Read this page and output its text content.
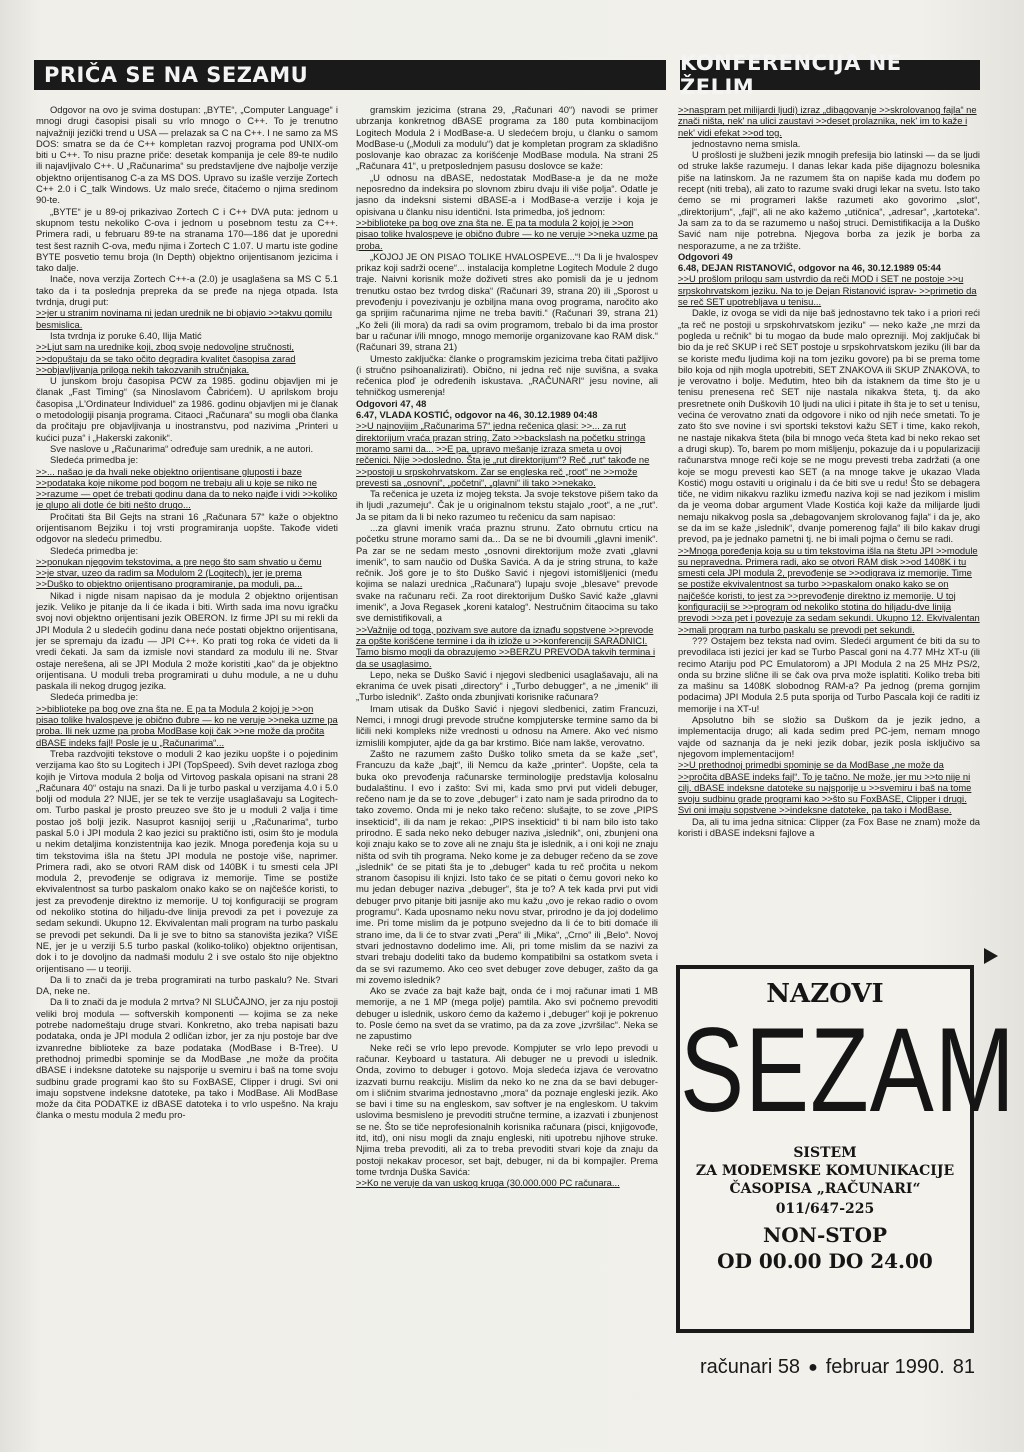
PRIČA SE NA SEZAMU	KONFERENCIJA NE ŽELIM

Odgovor na ovo je svima dostupan: „BYTE“, „Computer Language“ i mnogi drugi časopisi pisali su vrlo mnogo o C++. To je trenutno najvažniji jezički trend u USA — prelazak sa C na C++. I ne samo za MS DOS: smatra se da će C++ kompletan razvoj programa pod UNIX-om biti u C++. To nisu prazne priče: desetak kompanija je cele 89-te nudilo ili najavljivalo C++. U „Računarima“ su predstavljene dve najbolje verzije objektno orijentisanog C-a za MS DOS. Upravo su izašle verzije Zortech C++ 2.0 i C_talk Windows. Uz malo sreće, čitaćemo o njima sredinom 90-te.

„BYTE“ je u 89-oj prikazivao Zortech C i C++ DVA puta: jednom u skupnom testu nekoliko C-ova i jednom u posebnom testu za C++. Primera radi, u februaru 89-te na stranama 170—186 dat je uporedni test šest raznih C-ova, među njima i Zortech C 1.07. U martu iste godine BYTE posvetio temu broja (In Depth) objektno orijentisanom jezicima i tako dalje.

Inače, nova verzija Zortech C++-a (2.0) je usaglašena sa MS C 5.1 tako da i ta poslednja prepreka da se pređe na njega otpada. Ista tvrdnja, drugi put:

>>jer u stranim novinama ni jedan urednik ne bi objavio >>takvu gomilu besmislica.

Ista tvrdnja iz poruke 6.40, Ilija Matić

>>Ljut sam na urednike koji, zbog svoje nedovoljne stručnosti, >>dopuštaju da se tako očito degradira kvalitet časopisa zarad >>objavljivanja priloga nekih takozvanih stručnjaka.

U junskom broju časopisa PCW za 1985. godinu objavljen mi je članak „Fast Timing“ (sa Ninoslavom Čabrićem). U aprilskom broju časopisa „L'Ordinateur Individuel“ za 1986. godinu objavljen mi je članak o metodologiji pisanja programa. Citaoci „Računara“ su mogli oba članka da pročitaju pre objavljivanja u inostranstvu, pod nazivima „Printeri u kućici puza“ i „Hakerski zakonik“.

Sve naslove u „Računarima“ određuje sam urednik, a ne autori.

Sledeća primedba je:

>>... našao je da hvali neke objektno orijentisane gluposti i baze >>podataka koje nikome pod bogom ne trebaju ali u koje se niko ne >>razume — opet će trebati godinu dana da to neko najđe i vidi >>koliko je glupo ali dotle će biti nešto drugo...

Pročitati šta Bil Gejts na strani 16 „Računara 57“ kaže o objektno orijentisanom Bejziku i toj vrsti programiranja uopšte. Takođe videti odgovor na sledeću primedbu.

Sledeća primedba je:

>>ponukan njegovim tekstovima, a pre nego što sam shvatio u čemu >>je stvar, uzeo da radim sa Modulom 2 (Logitech), jer je prema >>Duško to objektno orijentisano programiranje, pa moduli, pa...

Nikad i nigde nisam napisao da je modula 2 objektno orijentisan jezik. Veliko je pitanje da li će ikada i biti. Wirth sada ima novu igračku svoj novi objektno orijentisani jezik OBERON. Iz firme JPI su mi rekli da JPI Modula 2 u sledećih godinu dana neće postati objektno orijentisana, jer se spremaju da izađu — JPI C++. Ko prati tog roka će videti da li vredi čekati. Ja sam da izmisle novi standard za modulu ili ne. Stvar ostaje nerešena, ali se JPI Modula 2 može koristiti „kao“ da je objektno orijentisana. U moduli treba programirati u duhu module, a ne u duhu paskala ili nekog drugog jezika.

Sledeća primedba je:

>>biblioteke pa bog ove zna šta ne. E pa ta Modula 2 kojoj je >>on pisao tolike hvalospeve je obično đubre — ko ne veruje >>neka uzme pa proba. Ili nek uzme pa proba ModBase koji čak >>ne može da pročita dBASE indeks fajl! Posle je u „Računarima“...

Treba razdvojiti tekstove o moduli 2 kao jeziku uopšte i o pojedinim verzijama kao što su Logitech i JPI (TopSpeed). Svih devet razloga zbog kojih je Virtova modula 2 bolja od Virtovog paskala opisani na strani 28 „Računara 40“ ostaju na snazi. Da li je turbo paskal u verzijama 4.0 i 5.0 bolji od modula 2? NIJE, jer se tek te verzije usaglašavaju sa Logitech-om. Turbo paskal je prosto preuzeo sve što je u moduli 2 valja i time postao još bolji jezik. Nasuprot kasnijoj seriji u „Računarima“, turbo paskal 5.0 i JPI modula 2 kao jezici su praktično isti, osim što je modula u nekim detaljima konzistentnija kao jezik. Mnoga poređenja koja su u tim tekstovima išla na štetu JPI modula ne postoje više, naprimer. Primera radi, ako se otvori RAM disk od 140BK i tu smesti cela JPI modula 2, prevođenje se odigrava iz memorije. Time se postiže ekvivalentnost sa turbo paskalom onako kako se on najčešće koristi, to jest za prevođenje direktno iz memorije. U toj konfiguraciji se program od nekoliko stotina do hiljadu-dve linija prevodi za pet i povezuje za sedam sekundi. Ukupno 12. Ekvivalentan mali program na turbo paskalu se prevodi pet sekundi. Da li je sve to bitno sa stanovišta jezika? VIŠE NE, jer je u verziji 5.5 turbo paskal (koliko-toliko) objektno orijentisan, dok i to je dovoljno da nadmaši modulu 2 i sve ostalo što nije objektno orijentisano — u teoriji.

Da li to znači da je treba programirati na turbo paskalu? Ne. Stvari DA, neke ne.

Da li to znači da je modula 2 mrtva? NI SLUČAJNO, jer za nju postoji veliki broj modula — softverskih komponenti — kojima se za neke potrebe nadomeštaju druge stvari. Konkretno, ako treba napisati bazu podataka, onda je JPI modula 2 odličan izbor, jer za nju postoje bar dve izvanredne biblioteke za baze podataka (ModBase i B-Tree). U prethodnoj primedbi spominje se da ModBase „ne može da pročita dBASE i indeksne datoteke su najsporije u svemiru i baš na tome svoju sudbinu grade programi kao što su FoxBASE, Clipper i drugi. Svi oni imaju sopstvene indeksne datoteke, pa tako i ModBase. Ali ModBase može da čita PODATKE iz dBASE datoteka i to vrlo uspešno. Na kraju članka o mestu modula 2 među pro-

gramskim jezicima (strana 29, „Računari 40“) navodi se primer ubrzanja konkretnog dBASE programa za 180 puta kombinacijom Logitech Modula 2 i ModBase-a. U sledećem broju, u članku o samom ModBase-u („Moduli za modulu“) dat je kompletan program za skladišno poslovanje kao obrazac za korišćenje ModBase modula. Na strani 25 „Računara 41“, u pretposlednjem pasusu doslovce se kaže:

„U odnosu na dBASE, nedostatak ModBase-a je da ne može neposredno da indeksira po slovnom zbiru dvaju ili više polja“. Odatle je jasno da indeksni sistemi dBASE-a i ModBase-a verzije i koja je opisivana u članku nisu identični. Ista primedba, još jednom:

>>biblioteke pa bog ove zna šta ne. E pa ta modula 2 kojoj je >>on pisao tolike hvalospeve je obično đubre — ko ne veruje >>neka uzme pa proba.

„KOJOJ JE ON PISAO TOLIKE HVALOSPEVE...“! Da li je hvalospev prikaz koji sadrži ocene“... instalacija kompletne Logitech Module 2 dugo traje. Naivni korisnik može doživeti stres ako pomisli da je u jednom trenutku ostao bez tvrdog diska“ (Računari 39, strana 20) ili „Sporost u prevođenju i povezivanju je ozbiljna mana ovog programa, naročito ako ga sprijim računarima njime ne treba baviti.“ (Računari 39, strana 21) „Ko želi (ili mora) da radi sa ovim programom, trebalo bi da ima prostor bar u računar i/ili mnogo, mnogo memorije organizovane kao RAM disk.“ (Računari 39, strana 21)

Umesto zaključka: članke o programskim jezicima treba čitati pažljivo (i stručno psihoanalizirati). Obično, ni jedna reč nije suvišna, a svaka rečenica ploď je određenih iskustava. „RAČUNARI“ jesu novine, ali tehničkog usmerenja!

Odgovori 47, 48

6.47, VLADA KOSTIĆ, odgovor na 46, 30.12.1989 04:48

>>U najnovijim „Računarima 57“ jedna rečenica glasi: >>... za rut direktorijum vraća prazan string. Zato >>backslash na početku stringa moramo sami da... >>E pa, upravo mešanje izraza smeta u ovoj rečenici. Nije >>dosledno. Šta je „rut direktorijum“? Reč „rut“ takođe ne >>postoji u srpskohrvatskom. Zar se engleska reč „root“ ne >>može prevesti sa „osnovni“, „početni“, „glavni“ ili tako >>nekako.

Ta rečenica je uzeta iz mojeg teksta. Ja svoje tekstove pišem tako da ih ljudi „razumeju“. Čak je u originalnom tekstu stajalo „root“, a ne „rut“. Ja se pitam da li bi neko razumeo tu rečenicu da sam napisao:

...za glavni imenik vraća praznu strunu. Zato obrnutu crticu na početku strune moramo sami da... Da se ne bi dvoumili „glavni imenik“. Pa zar se ne sedam mesto „osnovni direktorijum može zvati „glavni imenik“, to sam naučio od Duška Savića. A da je string struna, to kaže rečnik. Još gore je to što Duško Savić i njegovi istomišljenici (među kojima se nalazi urednica „Računara“) lupaju svoje „blesave“ prevode svake na računaru reči. Za root direktorijum Duško Savić kaže „glavni imenik“, a Jova Regasek „koreni katalog“. Nestručnim čitaocima su tako sve demistifikovali, a

>>Važnije od toga, pozivam sve autore da iznađu sopstvene >>prevode za opšte korišćene termine i da ih izlože u >>konferenciji SARADNICI. Tamo bismo mogli da obrazujemo >>BERZU PREVODA takvih termina i da se usaglasimo.

Lepo, neka se Duško Savić i njegovi sledbenici usaglašavaju, ali na ekranima će uvek pisati „directory“ i „Turbo debugger“, a ne „imenik“ ili „Turbo islednik“. Zašto onda zbunjivati korisnike računara?

Imam utisak da Duško Savić i njegovi sledbenici, zatim Francuzi, Nemci, i mnogi drugi prevode stručne kompjuterske termine samo da bi ličili neki kompleks niže vrednosti u odnosu na Amere. Ako već nismo izmislili kompjuter, ajde da ga bar krstimo. Biće nam lakše, verovatno.

Zašto ne razumem zašto Duško toliko smeta da se kaže „set“, Francuzu da kaže „bajt“, ili Nemcu da kaže „printer“. Uopšte, cela ta buka oko prevođenja računarske terminologije predstavlja kolosalnu budalaštinu. I evo i zašto: Svi mi, kada smo prvi put videli debuger, rečeno nam je da se to zove „debuger“ i zato nam je sada prirodno da to tako zovemo. Onda mi je neko tako rečeno: slušajte, to se zove „PIPS insekticid“, ili da nam je rekao: „PIPS insekticid“ ti bi nam bilo isto tako prirodno. E sada neko neko debuger naziva „islednik“, oni, zbunjeni ona koji znaju kako se to zove ali ne znaju šta je islednik, a i oni koji ne znaju ništa od svih tih programa. Neko kome je za debuger rečeno da se zove „islednik“ će se pitati šta je to „debuger“ kada tu reč pročita u nekom stranom časopisu ili knjizi. Isto tako će se pitati o čemu govori neko ko mu jedan debuger naziva „debuger“, šta je to? A tek kada prvi put vidi debuger prvo pitanje biti jasnije ako mu kažu „ovo je rekao radio o ovom programu“. Kada uposnamo neku novu stvar, prirodno je da joj dodelimo ime. Pri tome mislim da je potpuno svejedno da li će to biti domaće ili strano ime, da li će to stvar zvati „Pera“ ili „Mika“, „Crno“ ili „Belo“. Novoj stvari jednostavno dodelimo ime. Ali, pri tome mislim da se nazivi za stvari trebaju dodeliti tako da budemo kompatibilni sa ostatkom sveta i da se svi razumemo. Ako ceo svet debuger zove debuger, zašto da ga mi zovemo islednik?

Ako se zvaće za bajt kaže bajt, onda će i moj računar imati 1 MB memorije, a ne 1 MP (mega polje) pamtila. Ako svi počnemo prevoditi debuger u islednik, uskoro ćemo da kažemo i „debuger“ koji je pokrenuo to. Posle ćemo na svet da se vratimo, pa da za zove „izvršilac“. Neka se ne zapustimo

Neke reči se vrlo lepo prevode. Kompjuter se vrlo lepo prevodi u računar. Keyboard u tastatura. Ali debuger ne u prevodi u islednik. Onda, zovimo to debuger i gotovo. Moja sledeća izjava će verovatno izazvati burnu reakciju. Mislim da neko ko ne zna da se bavi debuger-om i sličnim stvarima jednostavno „mora“ da poznaje engleski jezik. Ako se bavi i time su na engleskom, sav softver je na engleskom. U takvim uslovima besmisleno je prevoditi stručne termine, a izazvati i zbunjenost se ne. Što se tiče neprofesionalnih korisnika računara (pisci, knjigovođe, itd, itd), oni nisu mogli da znaju engleski, niti upotrebu njihove struke. Njima treba prevoditi, ali za to treba prevoditi stvari koje da znaju da postoji nekakav procesor, set bajt, debuger, ni da bi kompajler. Prema tome tvrdnja Duška Savića:

>>Ko ne veruje da van uskog kruga (30.000.000 PC računara...

>>naspram pet milijardi ljudi) izraz „dibagovanje >>skrolovanog fajla“ ne znači ništa, nek' na ulici zaustavi >>deset prolaznika, nek' im to kaže i nek' vidi efekat >>od tog.

jednostavno nema smisla.

U prošlosti je službeni jezik mnogih prefesija bio latinski — da se ljudi od struke lakše razumeju. I danas lekar kada piše dijagnozu bolesnika piše na latinskom. Ja ne razumem šta on napiše kada mu dođem po recept (niti treba), ali zato to razume svaki drugi lekar na svetu. Isto tako ćemo se mi programeri lakše razumeti ako govorimo „slot“, „direktorijum“, „fajl“, ali ne ako kažemo „utičnica“, „adresar“, „kartoteka“. Ja sam za to da se razumemo u našoj struci. Demistifikacija a la Duško Savić nam nije potrebna. Njegova borba za jezik je borba za nesporazume, a ne za tržište.

Odgovori 49

6.48, DEJAN RISTANOVIĆ, odgovor na 46, 30.12.1989 05:44

>>U prošlom prilogu sam ustvrdio da reči MOD i SET ne postoje >>u srpskohrvatskom jeziku. Na to je Dejan Ristanović isprav- >>primetio da se reč SET upotrebljava u tenisu...

Dakle, iz ovoga se vidi da nije baš jednostavno tek tako i a priori reći „ta reč ne postoji u srpskohrvatskom jeziku“ — neko kaže „ne mrzi da pogleda u rečnik“ bi tu mogao da bude malo oprezniji. Moj zaključak bi bio da je reč SKUP i reč SET postoje u srpskohrvatskom jeziku (ili bar da se koriste među ljudima koji na tom jeziku govore) pa bi se prema tome bilo koja od njih mogla upotrebiti, SET ZNAKOVA ili SKUP ZNAKOVA, to je verovatno i bolje. Međutim, hteo bih da istaknem da time što je u tenisu prenesena reč SET nije nastala nikakva šteta, tj. da ako presretnete onih Duškovih 10 ljudi na ulici i pitate ih šta je to set u tenisu, većina će verovatno znati da odgovore i niko od njih neće smetati. To je zato što sve novine i svi sportski tekstovi kažu SET i time, kako rekoh, ne nastaje nikakva šteta (bila bi mnogo veća šteta kad bi neko rekao set a drugi skup). To, barem po mom mišljenju, pokazuje da i u popularizaciji računarstva mnoge reči koje se ne mogu prevesti treba zadržati (a one koje se mogu prevesti kao SET (a na mnoge takve je ukazao Vlada Kostić) mogu ostaviti u originalu i da će biti sve u redu! Što se debagera tiče, ne vidim nikakvu razliku između naziva koji se nad jezikom i mislim da je veoma dobar argument Vlade Kostića koji kaže da milijarde ljudi nemaju nikakvog posla sa „debagovanjem skrolovanog fajla“ i da je, ako se da im se kaže „islednik“, dvanje pomerenog fajla“ ili bilo kakav drugi prevod, pa je jednako pametni tj. ne bi imali pojma o čemu se radi.

>>Mnoga poređenja koja su u tim tekstovima išla na štetu JPI >>module su nepravedna. Primera radi, ako se otvori RAM disk >>od 1408K i tu smesti cela JPI modula 2, prevođenje se >>odigrava iz memorije. Time se postiže ekvivalentnost sa turbo >>paskalom onako kako se on najčešće koristi, to jest za >>prevođenje direktno iz memorije. U toj konfiguraciji se >>program od nekoliko stotina do hiljadu-dve linija prevodi >>za pet i povezuje za sedam sekundi. Ukupno 12. Ekvivalentan >>mali program na turbo paskalu se prevodi pet sekundi.

??? Ostajem bez teksta nad ovim. Sledeći argument će biti da su to prevodilaca isti jezici jer kad se Turbo Pascal goni na 4.77 MHz XT-u (ili recimo Atariju pod PC Emulatorom) a JPI Modula 2 na 25 MHz PS/2, onda su brzine slične ili se čak ova prva može isplatiti. Koliko treba biti za mašinu sa 1408K slobodnog RAM-a? Pa jednog (prema gornjim podacima) JPI Modula 2.5 puta sporija od Turbo Pascala koji će raditi iz memorije i na XT-u!

Apsolutno bih se složio sa Duškom da je jezik jedno, a implementacija drugo; ali kada sedim pred PC-jem, nemam mnogo vajde od saznanja da je neki jezik dobar, jezik posla isključivo sa njegovom implementacijom!

>>U prethodnoj primedbi spominje se da ModBase „ne može da >>pročita dBASE indeks fajl“. To je tačno. Ne može, jer mu >>to nije ni cilj. dBASE indeksne datoteke su najsporije u >>svemiru i baš na tome svoju sudbinu grade programi kao >>što su FoxBASE, Clipper i drugi. Svi oni imaju sopstvene >>indeksne datoteke, pa tako i ModBase.

Da, ali tu ima jedna sitnica: Clipper (za Fox Base ne znam) može da koristi i dBASE indeksni fajlove a

NAZOVI
SEZAM
SISTEM
ZA MODEMSKE KOMUNIKACIJE
ČASOPISA „RAČUNARI“
011/647-225
NON-STOP
OD 00.00 DO 24.00
računari 58 ● februar 1990. 81
